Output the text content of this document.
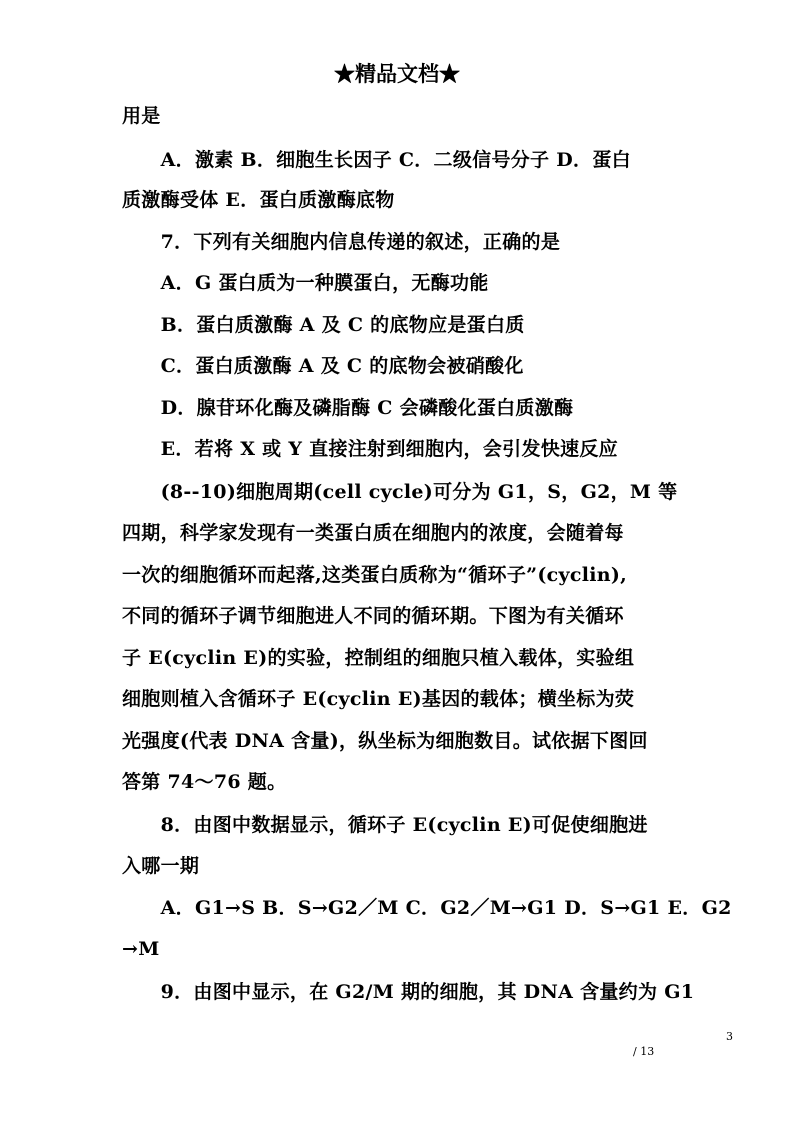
★精品文档★
用是
　　A．激素 B．细胞生长因子 C．二级信号分子 D．蛋白
质激酶受体 E．蛋白质激酶底物
　　7．下列有关细胞内信息传递的叙述，正确的是
　　A．G 蛋白质为一种膜蛋白，无酶功能
　　B．蛋白质激酶 A 及 C 的底物应是蛋白质
　　C．蛋白质激酶 A 及 C 的底物会被硝酸化
　　D．腺苷环化酶及磷脂酶 C 会磷酸化蛋白质激酶
　　E．若将 X 或 Y 直接注射到细胞内，会引发快速反应
　　(8--10)细胞周期(cell cycle)可分为 G1，S，G2，M 等
四期，科学家发现有一类蛋白质在细胞内的浓度，会随着每
一次的细胞循环而起落,这类蛋白质称为“循环子”(cyclin),
不同的循环子调节细胞进人不同的循环期。下图为有关循环
子 E(cyclin E)的实验，控制组的细胞只植入载体，实验组
细胞则植入含循环子 E(cyclin E)基因的载体；横坐标为荧
光强度(代表 DNA 含量)，纵坐标为细胞数目。试依据下图回
答第 74～76 题。
　　8．由图中数据显示，循环子 E(cyclin E)可促使细胞进
入哪一期
　　A．G1→S B．S→G2／M C．G2／M→G1 D．S→G1 E．G2
→M
　　9．由图中显示，在 G2/M 期的细胞，其 DNA 含量约为 G1
3
/ 13
